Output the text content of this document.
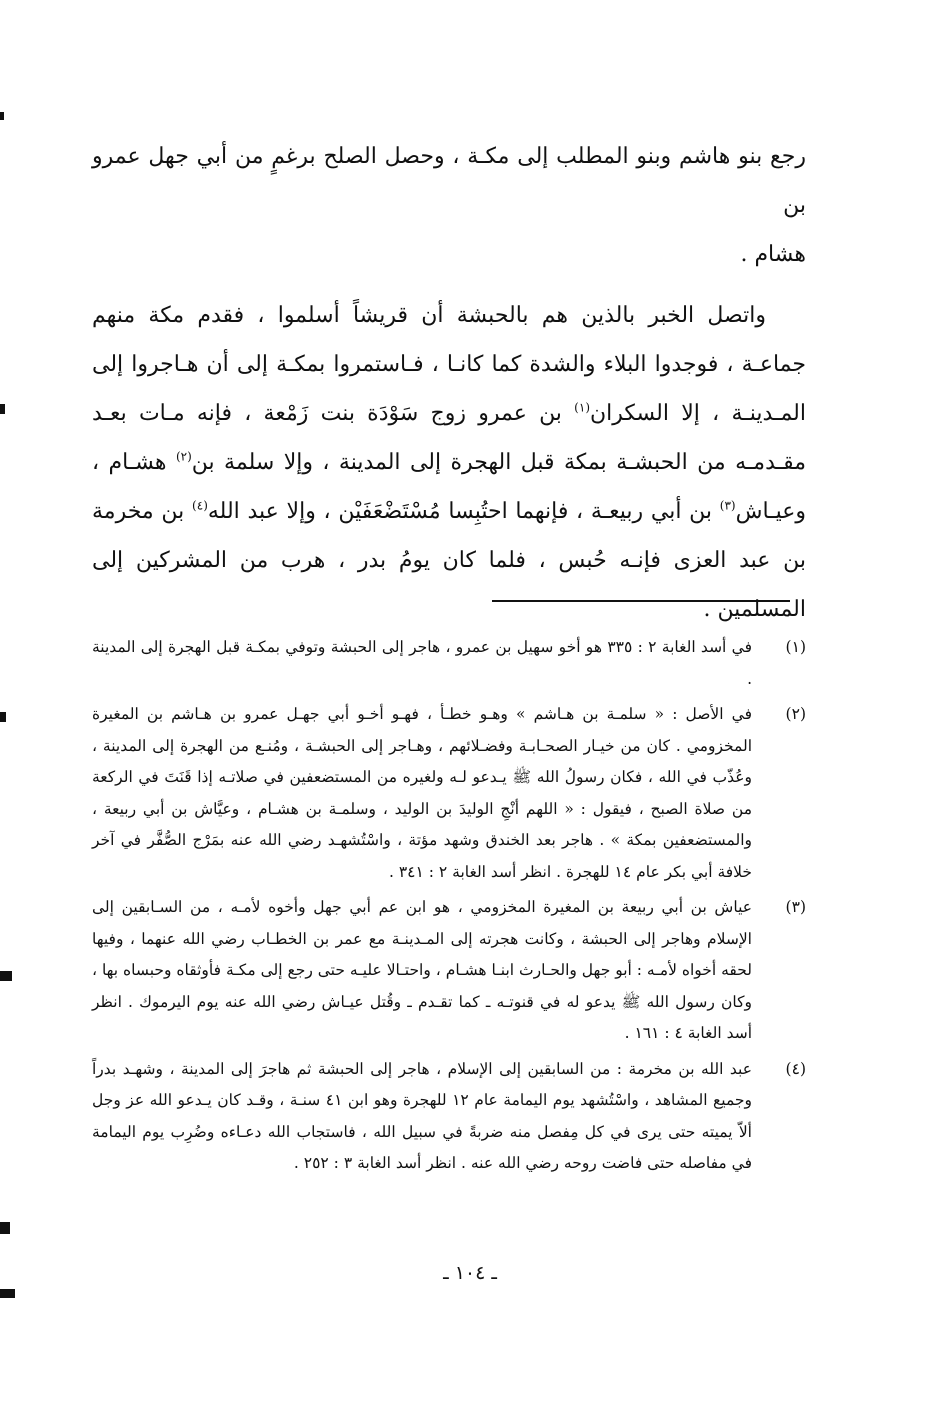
رجع بنو هاشم وبنو المطلب إلى مكـة ، وحصل الصلح برغمٍ من أبي جهل عمرو بن
هشام .

واتصل الخبر بالذين هم بالحبشة أن قريشاً أسلموا ، فقدم مكة منهم جماعـة ، فوجدوا البلاء والشدة كما كانـا ، فـاستمروا بمكـة إلى أن هـاجروا إلى المـدينـة ، إلا السكران$^{(١)}$ بن عمرو زوج سَوْدَة بنت زَمْعة ، فإنه مـات بعـد مقـدمـه من الحبشـة بمكة قبل الهجرة إلى المدينة ، وإلا سلمة بن$^{(٢)}$ هشـام ، وعيـاش$^{(٣)}$ بن أبي ربيعـة ، فإنهما احتُبِسا مُسْتَضْعَفَيْن ، وإلا عبد الله$^{(٤)}$ بن مخرمة بن عبد العزى فإنـه حُبس ، فلما كان يومُ بدر ، هرب من المشركين إلى المسلمين .

(١)
في أسد الغابة ٢ : ٣٣٥ هو أخو سهيل بن عمرو ، هاجر إلى الحبشة وتوفي بمكـة قبل الهجرة إلى المدينة .
(٢)
في الأصل : « سلمـة بن هـاشم » وهـو خطـأ ، فهـو أخـو أبي جهـل عمرو بن هـاشم بن المغيرة المخزومي . كان من خيـار الصحـابـة وفضـلائهم ، وهـاجر إلى الحبشـة ، ومُنـع من الهجرة إلى المدينة ، وعُذّب في الله ، فكان رسولُ الله ﷺ يـدعو لـه ولغيره من المستضعفين في صلاتـه إذا قَنَتَ في الركعة من صلاة الصبح ، فيقول : « اللهم أنْجِ الوليدَ بن الوليد ، وسلمـة بن هشـام ، وعيَّاش بن أبي ربيعة ، والمستضعفين بمكة » . هاجر بعد الخندق وشهد مؤتة ، واسْتُشهـد رضي الله عنه بمَرْج الصُّفَّر في آخر خلافة أبي بكر عام ١٤ للهجرة . انظر أسد الغابة ٢ : ٣٤١ .
(٣)
عياش بن أبي ربيعة بن المغيرة المخزومي ، هو ابن عم أبي جهل وأخوه لأمـه ، من السـابقين إلى الإسلام وهاجر إلى الحبشة ، وكانت هجرته إلى المـدينـة مع عمر بن الخطـاب رضي الله عنهما ، وفيها لحقه أخواه لأمـه : أبو جهل والحـارث ابنـا هشـام ، واحتـالا عليـه حتى رجع إلى مكـة فأوثقاه وحبساه بها ، وكان رسول الله ﷺ يدعو له في قنوتـه ـ كما تقـدم ـ وقُتل عيـاش رضي الله عنه يوم اليرموك . انظر أسد الغابة ٤ : ١٦١ .
(٤)
عبد الله بن مخرمة : من السابقين إلى الإسلام ، هاجر إلى الحبشة ثم هاجرَ إلى المدينة ، وشهـد بدراً وجميع المشاهد ، واسْتُشهد يوم اليمامة عام ١٢ للهجرة وهو ابن ٤١ سنـة ، وقـد كان يـدعو الله عز وجل ألاّ يميته حتى يرى في كل مِفصل منه ضربةً في سبيل الله ، فاستجاب الله دعـاءه وضُرِب يوم اليمامة في مفاصله حتى فاضت روحه رضي الله عنه . انظر أسد الغابة ٣ : ٢٥٢ .
ـ ١٠٤ ـ
